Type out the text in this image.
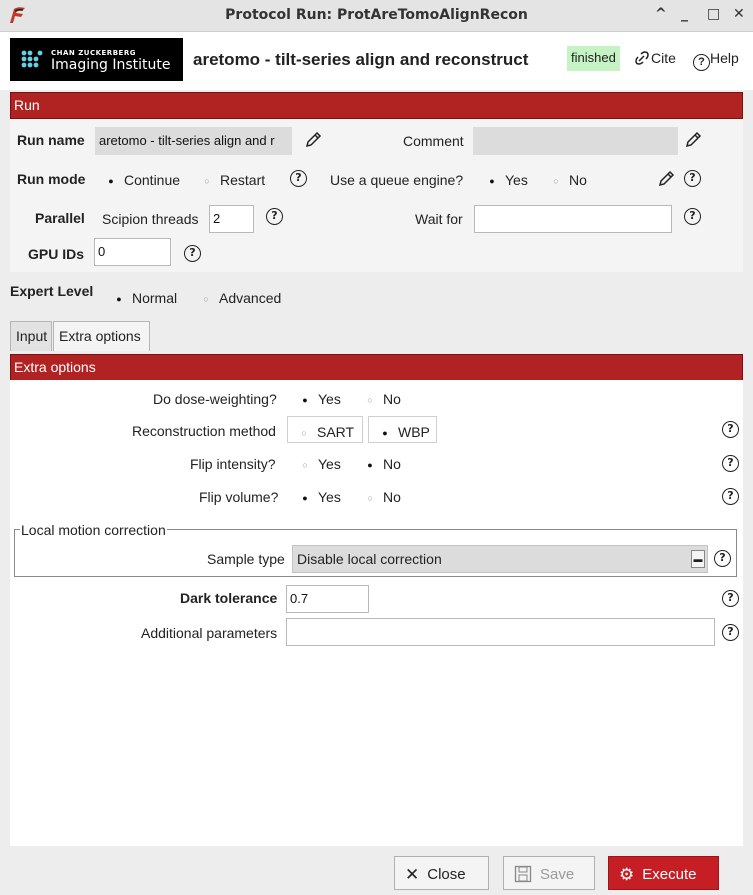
Protocol Run: ProtAreTomoAlignRecon	^ _ □ ✕
CHAN ZUCKERBERG
Imaging Institute aretomo - tilt-series align and reconstruct	finished	Cite	? Help
Run
Run name	aretomo - tilt-series align and r	Comment
Run mode	● Continue	○ Restart	?	Use a queue engine?	● Yes	○ No	?
Parallel Scipion threads	2	?	Wait for	?
GPU IDs	0	?
Expert Level	● Normal	○ Advanced
Input Extra options
Extra options
Do dose-weighting?	● Yes	○ No
Reconstruction method	○ SART	● WBP	?
Flip intensity?	○ Yes	● No	?
Flip volume?	● Yes	○ No	?
Local motion correction
Sample type Disable local correction	▬	?
Dark tolerance 0.7	?
Additional parameters	?
✕ Close	Save	⚙ Execute
